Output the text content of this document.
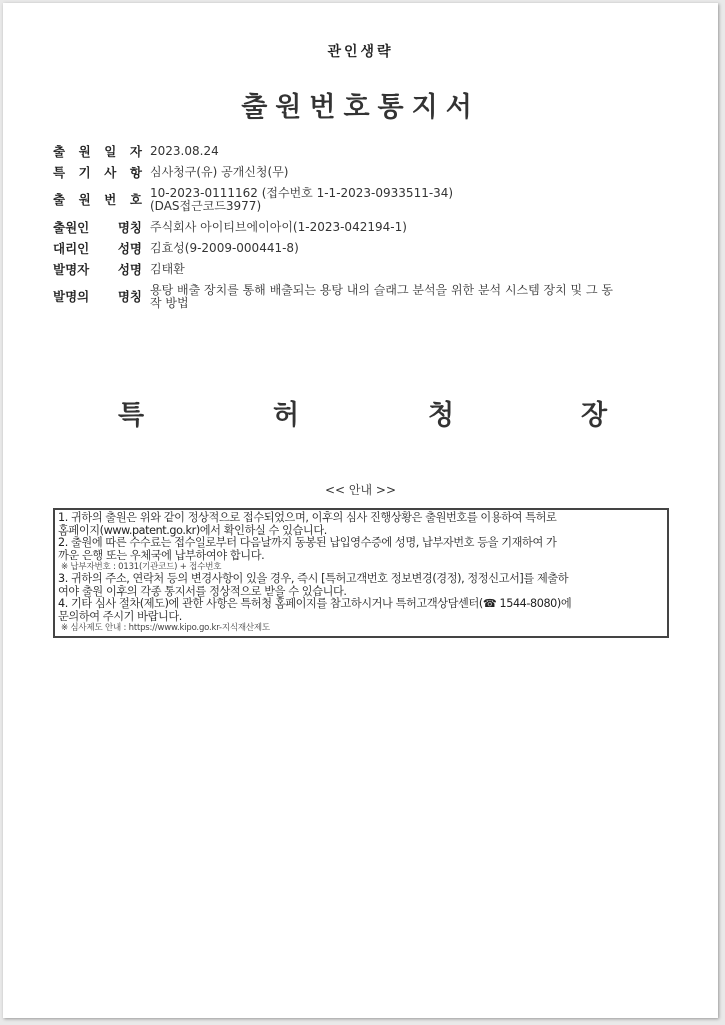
관인생략
출원번호통지서
출 원 일 자 2023.08.24
특 기 사 항 심사청구(유) 공개신청(무)
출 원 번 호 10-2023-0111162 (접수번호 1-1-2023-0933511-34)
(DAS접근코드3977)
출원인 명칭 주식회사 아이티브에이아이(1-2023-042194-1)
대리인 성명 김효성(9-2009-000441-8)
발명자 성명 김태환
발명의 명칭 용탕 배출 장치를 통해 배출되는 용탕 내의 슬래그 분석을 위한 분석 시스템 장치 및 그 동
작 방법
특	허	청	장
<< 안내 >>

1. 귀하의 출원은 위와 같이 정상적으로 접수되었으며, 이후의 심사 진행상황은 출원번호를 이용하여 특허로

홈페이지(www.patent.go.kr)에서 확인하실 수 있습니다.

2. 출원에 따른 수수료는 접수일로부터 다음날까지 동봉된 납입영수증에 성명, 납부자번호 등을 기재하여 가

까운 은행 또는 우체국에 납부하여야 합니다.

※ 납부자번호 : 0131(기관코드) + 접수번호

3. 귀하의 주소, 연락처 등의 변경사항이 있을 경우, 즉시 [특허고객번호 정보변경(경정), 정정신고서]를 제출하

여야 출원 이후의 각종 통지서를 정상적으로 받을 수 있습니다.

4. 기타 심사 절차(제도)에 관한 사항은 특허청 홈페이지를 참고하시거나 특허고객상담센터(☎ 1544-8080)에

문의하여 주시기 바랍니다.

※ 심사제도 안내 : https://www.kipo.go.kr-지식재산제도
